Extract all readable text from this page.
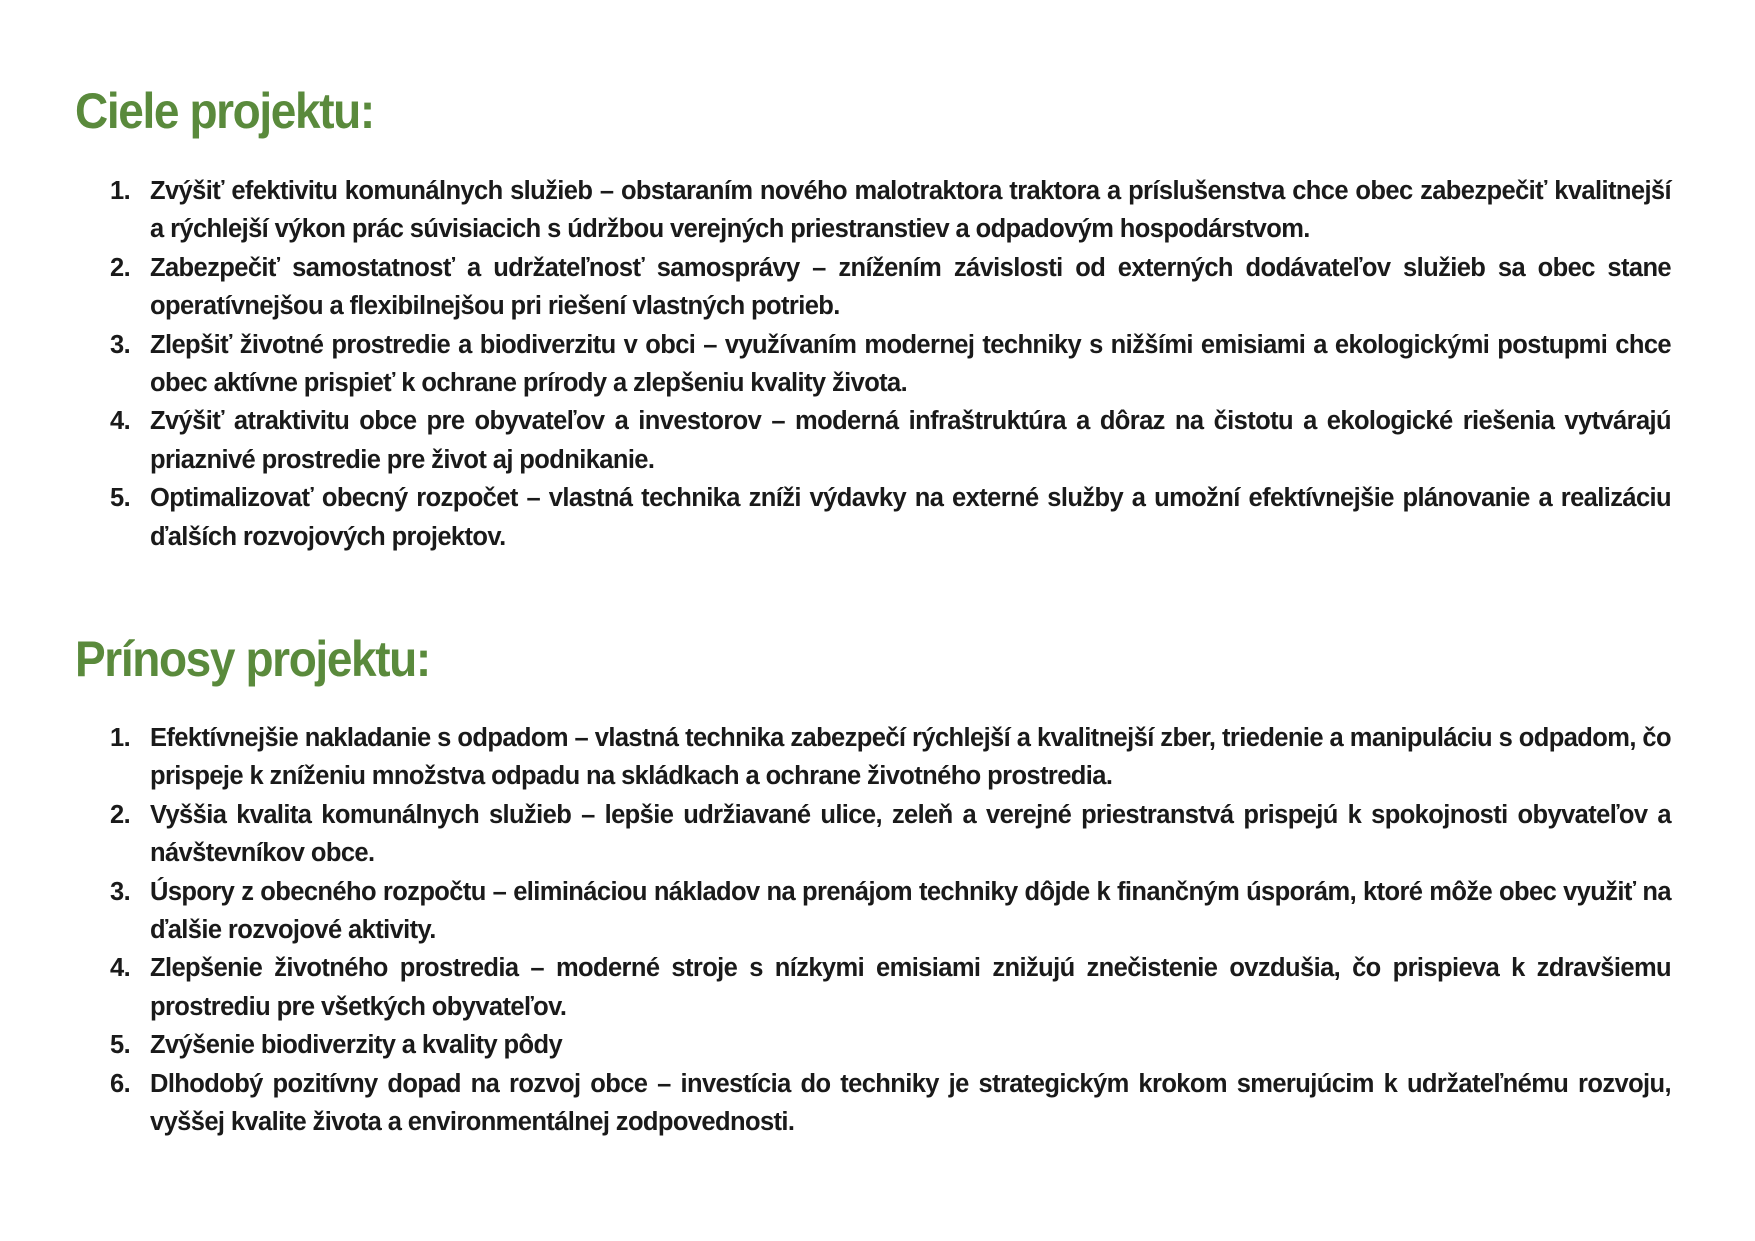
Ciele projektu:
1. Zvýšiť efektivitu komunálnych služieb – obstaraním nového malotraktora traktora a príslušenstva chce obec zabezpečiť kvalitnejší a rýchlejší výkon prác súvisiacich s údržbou verejných priestranstiev a odpadovým hospodárstvom.
2. Zabezpečiť samostatnosť a udržateľnosť samosprávy – znížením závislosti od externých dodávateľov služieb sa obec stane operatívnejšou a flexibilnejšou pri riešení vlastných potrieb.
3. Zlepšiť životné prostredie a biodiverzitu v obci – využívaním modernej techniky s nižšími emisiami a ekologickými postupmi chce obec aktívne prispieť k ochrane prírody a zlepšeniu kvality života.
4. Zvýšiť atraktivitu obce pre obyvateľov a investorov – moderná infraštruktúra a dôraz na čistotu a ekologické riešenia vytvárajú priaznivé prostredie pre život aj podnikanie.
5. Optimalizovať obecný rozpočet – vlastná technika zníži výdavky na externé služby a umožní efektívnejšie plánovanie a realizáciu ďalších rozvojových projektov.
Prínosy projektu:
1. Efektívnejšie nakladanie s odpadom – vlastná technika zabezpečí rýchlejší a kvalitnejší zber, triedenie a manipuláciu s odpadom, čo prispeje k zníženiu množstva odpadu na skládkach a ochrane životného prostredia.
2. Vyššia kvalita komunálnych služieb – lepšie udržiavané ulice, zeleň a verejné priestranstvá prispejú k spokojnosti obyvateľov a návštevníkov obce.
3. Úspory z obecného rozpočtu – elimináciou nákladov na prenájom techniky dôjde k finančným úsporám, ktoré môže obec využiť na ďalšie rozvojové aktivity.
4. Zlepšenie životného prostredia – moderné stroje s nízkymi emisiami znižujú znečistenie ovzdušia, čo prispieva k zdravšiemu prostrediu pre všetkých obyvateľov.
5. Zvýšenie biodiverzity a kvality pôdy
6. Dlhodobý pozitívny dopad na rozvoj obce – investícia do techniky je strategickým krokom smerujúcim k udržateľnému rozvoju, vyššej kvalite života a environmentálnej zodpovednosti.
